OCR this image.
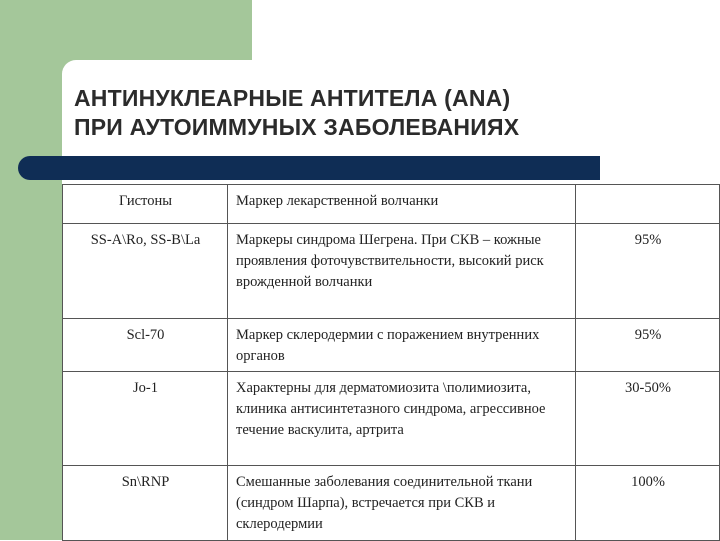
АНТИНУКЛЕАРНЫЕ АНТИТЕЛА (ANA)
ПРИ АУТОИММУНЫХ ЗАБОЛЕВАНИЯХ
Гистоны	Маркер лекарственной волчанки	
SS-A\Ro, SS-B\La	Маркеры синдрома Шегрена. При СКВ – кожные проявления фоточувствительности, высокий риск врожденной волчанки	95%
Scl-70	Маркер склеродермии с поражением внутренних органов	95%
Jo-1	Характерны для дерматомиозита \полимиозита, клиника антисинтетазного синдрома, агрессивное течение васкулита, артрита	30-50%
Sn\RNP	Смешанные заболевания соединительной ткани (синдром Шарпа), встречается при СКВ и склеродермии	100%
